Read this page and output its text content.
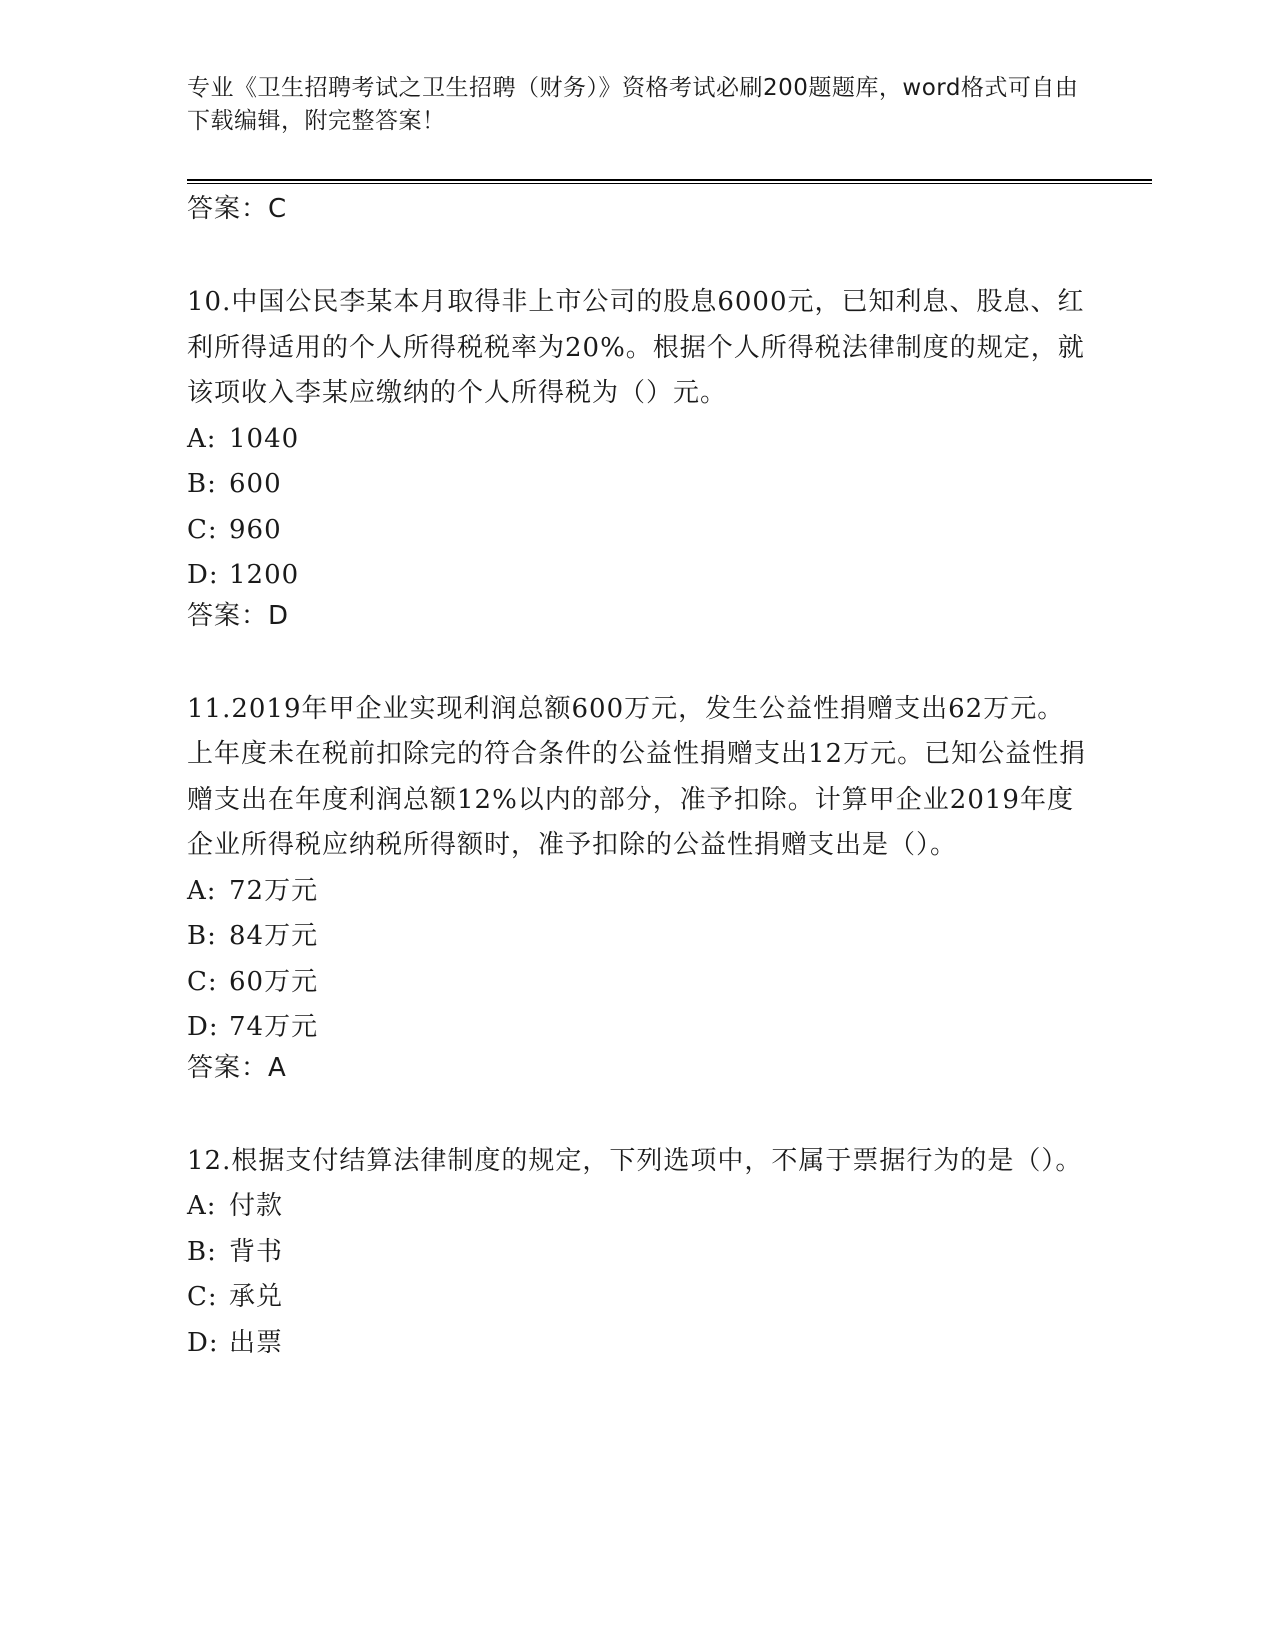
专业《卫生招聘考试之卫生招聘（财务）》资格考试必刷200题题库，word格式可自由下载编辑，附完整答案！
答案：C

10.中国公民李某本月取得非上市公司的股息6000元，已知利息、股息、红利所得适用的个人所得税税率为20%。根据个人所得税法律制度的规定，就该项收入李某应缴纳的个人所得税为（）元。

A: 1040
B: 600
C: 960
D: 1200
答案：D

11.2019年甲企业实现利润总额600万元，发生公益性捐赠支出62万元。上年度未在税前扣除完的符合条件的公益性捐赠支出12万元。已知公益性捐赠支出在年度利润总额12%以内的部分，准予扣除。计算甲企业2019年度企业所得税应纳税所得额时，准予扣除的公益性捐赠支出是（）。

A: 72万元
B: 84万元
C: 60万元
D: 74万元
答案：A

12.根据支付结算法律制度的规定，下列选项中，不属于票据行为的是（）。

A: 付款
B: 背书
C: 承兑
D: 出票
